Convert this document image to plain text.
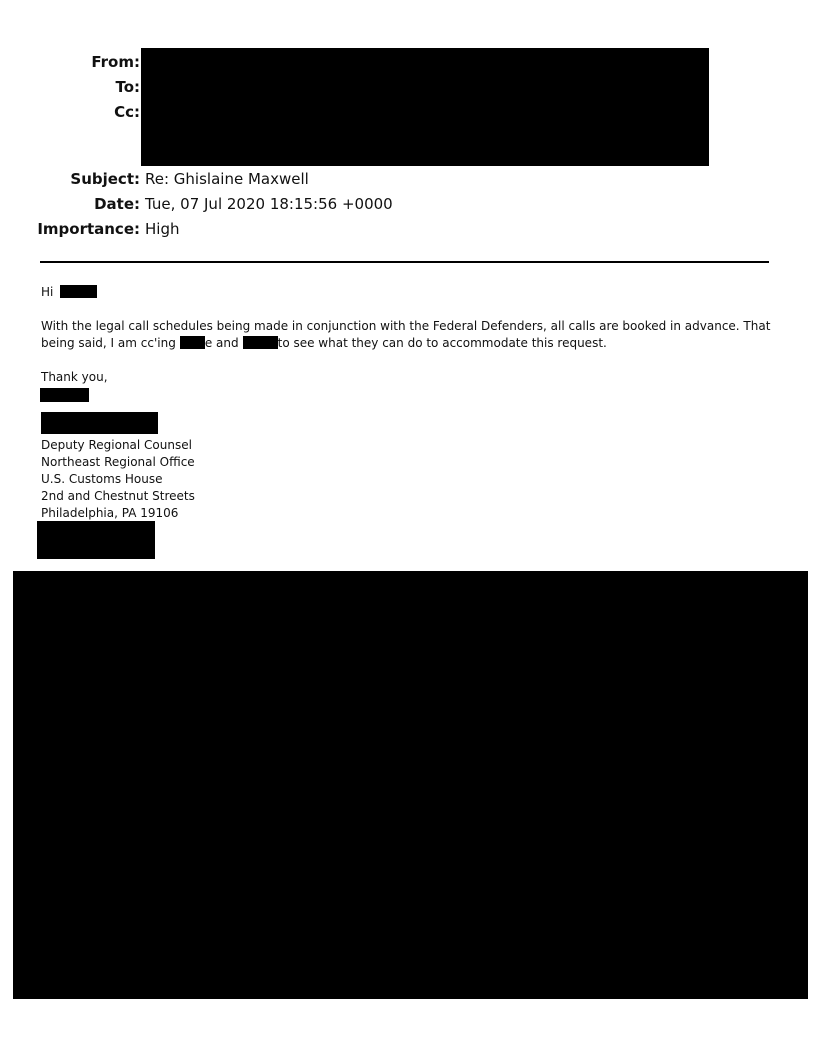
From:
To:
Cc:
Subject: Re: Ghislaine Maxwell
Date: Tue, 07 Jul 2020 18:15:56 +0000
Importance: High
Hi
With the legal call schedules being made in conjunction with the Federal Defenders, all calls are booked in advance. That
being said, I am cc'ing e and	to see what they can do to accommodate this request.
Thank you,
Deputy Regional Counsel
Northeast Regional Office
U.S. Customs House
2nd and Chestnut Streets
Philadelphia, PA 19106
